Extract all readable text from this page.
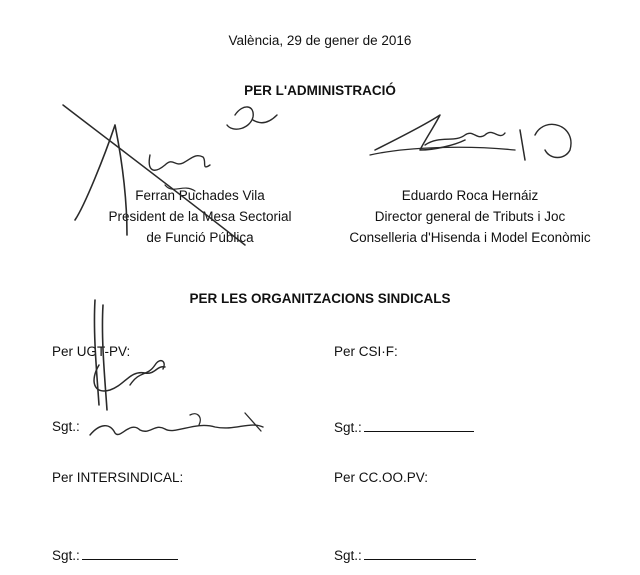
València, 29 de gener de 2016
PER L'ADMINISTRACIÓ
Ferran Puchades Vila
President de la Mesa Sectorial
de Funció Pública
Eduardo Roca Hernáiz
Director general de Tributs i Joc
Conselleria d'Hisenda i Model Econòmic
PER LES ORGANITZACIONS SINDICALS
Per UGT-PV:
Sgt.:
Per CSI·F:
Sgt.:
Per INTERSINDICAL:
Sgt.:
Per CC.OO.PV:
Sgt.:
